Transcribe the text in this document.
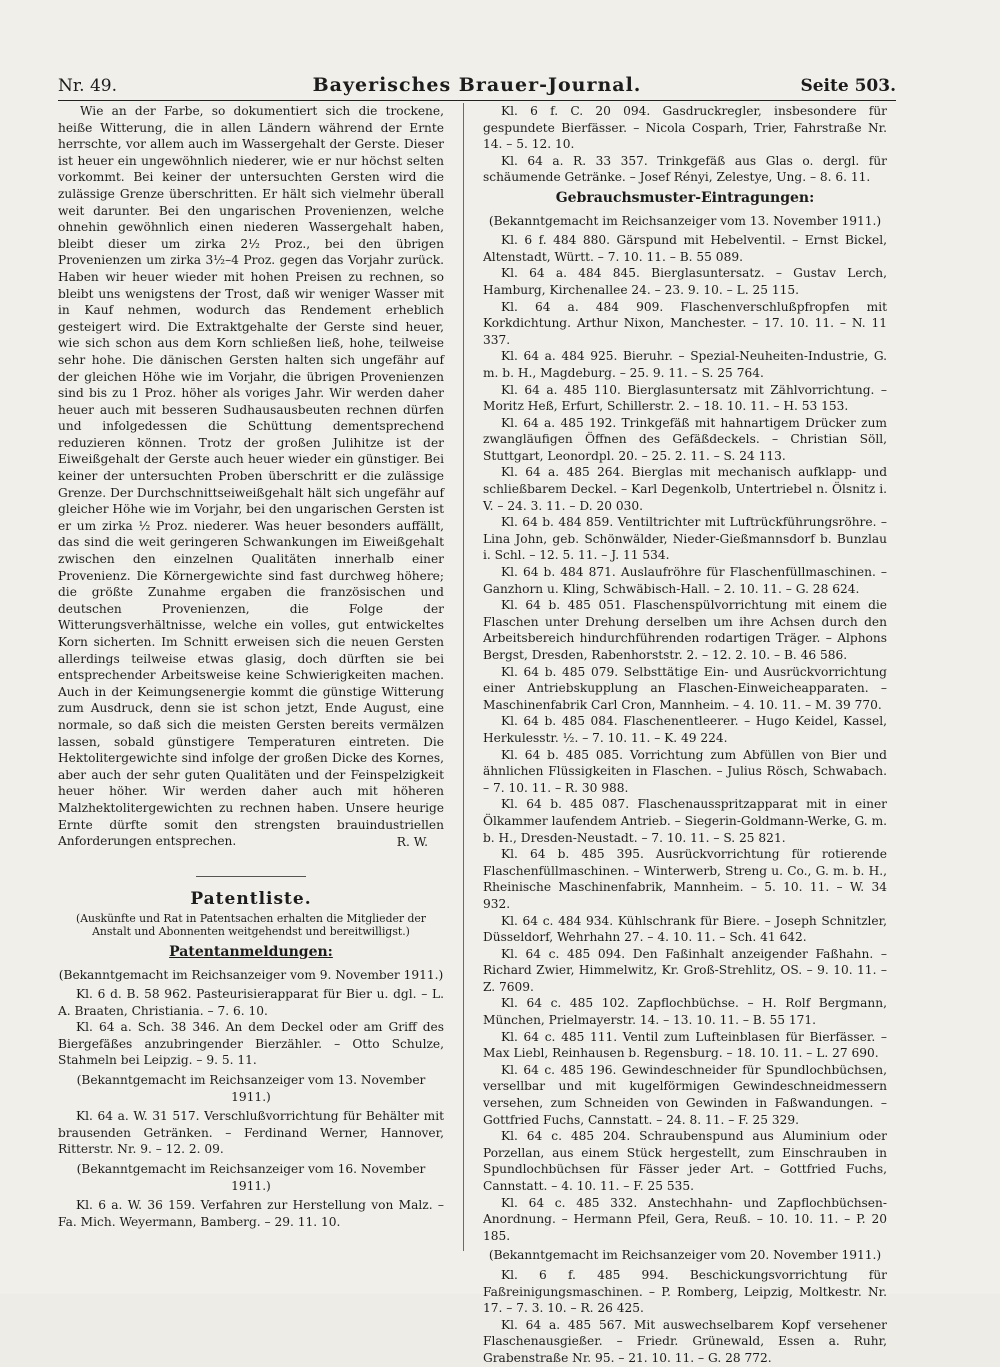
Nr. 49.	Bayerisches Brauer-Journal.	Seite 503.

Wie an der Farbe, so dokumentiert sich die trockene, heiße Witterung, die in allen Ländern während der Ernte herrschte, vor allem auch im Wassergehalt der Gerste. Dieser ist heuer ein ungewöhnlich niederer, wie er nur höchst selten vorkommt. Bei keiner der untersuchten Gersten wird die zulässige Grenze überschritten. Er hält sich vielmehr überall weit darunter. Bei den ungarischen Provenienzen, welche ohnehin gewöhnlich einen niederen Wassergehalt haben, bleibt dieser um zirka 2½ Proz., bei den übrigen Provenienzen um zirka 3½–4 Proz. gegen das Vorjahr zurück. Haben wir heuer wieder mit hohen Preisen zu rechnen, so bleibt uns wenigstens der Trost, daß wir weniger Wasser mit in Kauf nehmen, wodurch das Rendement erheblich gesteigert wird. Die Extraktgehalte der Gerste sind heuer, wie sich schon aus dem Korn schließen ließ, hohe, teilweise sehr hohe. Die dänischen Gersten halten sich ungefähr auf der gleichen Höhe wie im Vorjahr, die übrigen Provenienzen sind bis zu 1 Proz. höher als voriges Jahr. Wir werden daher heuer auch mit besseren Sudhausausbeuten rechnen dürfen und infolgedessen die Schüttung dementsprechend reduzieren können. Trotz der großen Julihitze ist der Eiweißgehalt der Gerste auch heuer wieder ein günstiger. Bei keiner der untersuchten Proben überschritt er die zulässige Grenze. Der Durchschnittseiweißgehalt hält sich ungefähr auf gleicher Höhe wie im Vorjahr, bei den ungarischen Gersten ist er um zirka ½ Proz. niederer. Was heuer besonders auffällt, das sind die weit geringeren Schwankungen im Eiweißgehalt zwischen den einzelnen Qualitäten innerhalb einer Provenienz. Die Körnergewichte sind fast durchweg höhere; die größte Zunahme ergaben die französischen und deutschen Provenienzen, die Folge der Witterungsverhältnisse, welche ein volles, gut entwickeltes Korn sicherten. Im Schnitt erweisen sich die neuen Gersten allerdings teilweise etwas glasig, doch dürften sie bei entsprechender Arbeitsweise keine Schwierigkeiten machen. Auch in der Keimungsenergie kommt die günstige Witterung zum Ausdruck, denn sie ist schon jetzt, Ende August, eine normale, so daß sich die meisten Gersten bereits vermälzen lassen, sobald günstigere Temperaturen eintreten. Die Hektolitergewichte sind infolge der großen Dicke des Kornes, aber auch der sehr guten Qualitäten und der Feinspelzigkeit heuer höher. Wir werden daher auch mit höheren Malzhektolitergewichten zu rechnen haben. Unsere heurige Ernte dürfte somit den strengsten brauindustriellen Anforderungen entsprechen.	R. W.

Patentliste.
(Auskünfte und Rat in Patentsachen erhalten die Mitglieder der Anstalt und Abonnenten weitgehendst und bereitwilligst.)
Patentanmeldungen:

(Bekanntgemacht im Reichsanzeiger vom 9. November 1911.)

Kl. 6 d. B. 58 962. Pasteurisierapparat für Bier u. dgl. – L. A. Braaten, Christiania. – 7. 6. 10.

Kl. 64 a. Sch. 38 346. An dem Deckel oder am Griff des Biergefäßes anzubringender Bierzähler. – Otto Schulze, Stahmeln bei Leipzig. – 9. 5. 11.

(Bekanntgemacht im Reichsanzeiger vom 13. November 1911.)

Kl. 64 a. W. 31 517. Verschlußvorrichtung für Behälter mit brausenden Getränken. – Ferdinand Werner, Hannover, Ritterstr. Nr. 9. – 12. 2. 09.

(Bekanntgemacht im Reichsanzeiger vom 16. November 1911.)

Kl. 6 a. W. 36 159. Verfahren zur Herstellung von Malz. – Fa. Mich. Weyermann, Bamberg. – 29. 11. 10.

Kl. 6 f. C. 20 094. Gasdruckregler, insbesondere für gespundete Bierfässer. – Nicola Cosparh, Trier, Fahrstraße Nr. 14. – 5. 12. 10.

Kl. 64 a. R. 33 357. Trinkgefäß aus Glas o. dergl. für schäumende Getränke. – Josef Rényi, Zelestye, Ung. – 8. 6. 11.

Gebrauchsmuster-Eintragungen:

(Bekanntgemacht im Reichsanzeiger vom 13. November 1911.)

Kl. 6 f. 484 880. Gärspund mit Hebelventil. – Ernst Bickel, Altenstadt, Württ. – 7. 10. 11. – B. 55 089.

Kl. 64 a. 484 845. Bierglasuntersatz. – Gustav Lerch, Hamburg, Kirchenallee 24. – 23. 9. 10. – L. 25 115.

Kl. 64 a. 484 909. Flaschenverschlußpfropfen mit Korkdichtung. Arthur Nixon, Manchester. – 17. 10. 11. – N. 11 337.

Kl. 64 a. 484 925. Bieruhr. – Spezial-Neuheiten-Industrie, G. m. b. H., Magdeburg. – 25. 9. 11. – S. 25 764.

Kl. 64 a. 485 110. Bierglasuntersatz mit Zählvorrichtung. – Moritz Heß, Erfurt, Schillerstr. 2. – 18. 10. 11. – H. 53 153.

Kl. 64 a. 485 192. Trinkgefäß mit hahnartigem Drücker zum zwangläufigen Öffnen des Gefäßdeckels. – Christian Söll, Stuttgart, Leonordpl. 20. – 25. 2. 11. – S. 24 113.

Kl. 64 a. 485 264. Bierglas mit mechanisch aufklapp- und schließbarem Deckel. – Karl Degenkolb, Untertriebel n. Ölsnitz i. V. – 24. 3. 11. – D. 20 030.

Kl. 64 b. 484 859. Ventiltrichter mit Luftrückführungsröhre. – Lina John, geb. Schönwälder, Nieder-Gießmannsdorf b. Bunzlau i. Schl. – 12. 5. 11. – J. 11 534.

Kl. 64 b. 484 871. Auslaufröhre für Flaschenfüllmaschinen. – Ganzhorn u. Kling, Schwäbisch-Hall. – 2. 10. 11. – G. 28 624.

Kl. 64 b. 485 051. Flaschenspülvorrichtung mit einem die Flaschen unter Drehung derselben um ihre Achsen durch den Arbeitsbereich hindurchführenden rodartigen Träger. – Alphons Bergst, Dresden, Rabenhorststr. 2. – 12. 2. 10. – B. 46 586.

Kl. 64 b. 485 079. Selbsttätige Ein- und Ausrückvorrichtung einer Antriebskupplung an Flaschen-Einweicheapparaten. – Maschinenfabrik Carl Cron, Mannheim. – 4. 10. 11. – M. 39 770.

Kl. 64 b. 485 084. Flaschenentleerer. – Hugo Keidel, Kassel, Herkulesstr. ½. – 7. 10. 11. – K. 49 224.

Kl. 64 b. 485 085. Vorrichtung zum Abfüllen von Bier und ähnlichen Flüssigkeiten in Flaschen. – Julius Rösch, Schwabach. – 7. 10. 11. – R. 30 988.

Kl. 64 b. 485 087. Flaschenausspritzapparat mit in einer Ölkammer laufendem Antrieb. – Siegerin-Goldmann-Werke, G. m. b. H., Dresden-Neustadt. – 7. 10. 11. – S. 25 821.

Kl. 64 b. 485 395. Ausrückvorrichtung für rotierende Flaschenfüllmaschinen. – Winterwerb, Streng u. Co., G. m. b. H., Rheinische Maschinenfabrik, Mannheim. – 5. 10. 11. – W. 34 932.

Kl. 64 c. 484 934. Kühlschrank für Biere. – Joseph Schnitzler, Düsseldorf, Wehrhahn 27. – 4. 10. 11. – Sch. 41 642.

Kl. 64 c. 485 094. Den Faßinhalt anzeigender Faßhahn. – Richard Zwier, Himmelwitz, Kr. Groß-Strehlitz, OS. – 9. 10. 11. – Z. 7609.

Kl. 64 c. 485 102. Zapflochbüchse. – H. Rolf Bergmann, München, Prielmayerstr. 14. – 13. 10. 11. – B. 55 171.

Kl. 64 c. 485 111. Ventil zum Lufteinblasen für Bierfässer. – Max Liebl, Reinhausen b. Regensburg. – 18. 10. 11. – L. 27 690.

Kl. 64 c. 485 196. Gewindeschneider für Spundlochbüchsen, versellbar und mit kugelförmigen Gewindeschneidmessern versehen, zum Schneiden von Gewinden in Faßwandungen. – Gottfried Fuchs, Cannstatt. – 24. 8. 11. – F. 25 329.

Kl. 64 c. 485 204. Schraubenspund aus Aluminium oder Porzellan, aus einem Stück hergestellt, zum Einschrauben in Spundlochbüchsen für Fässer jeder Art. – Gottfried Fuchs, Cannstatt. – 4. 10. 11. – F. 25 535.

Kl. 64 c. 485 332. Anstechhahn- und Zapflochbüchsen-Anordnung. – Hermann Pfeil, Gera, Reuß. – 10. 10. 11. – P. 20 185.

(Bekanntgemacht im Reichsanzeiger vom 20. November 1911.)

Kl. 6 f. 485 994. Beschickungsvorrichtung für Faßreinigungsmaschinen. – P. Romberg, Leipzig, Moltkestr. Nr. 17. – 7. 3. 10. – R. 26 425.

Kl. 64 a. 485 567. Mit auswechselbarem Kopf versehener Flaschenausgießer. – Friedr. Grünewald, Essen a. Ruhr, Grabenstraße Nr. 95. – 21. 10. 11. – G. 28 772.
